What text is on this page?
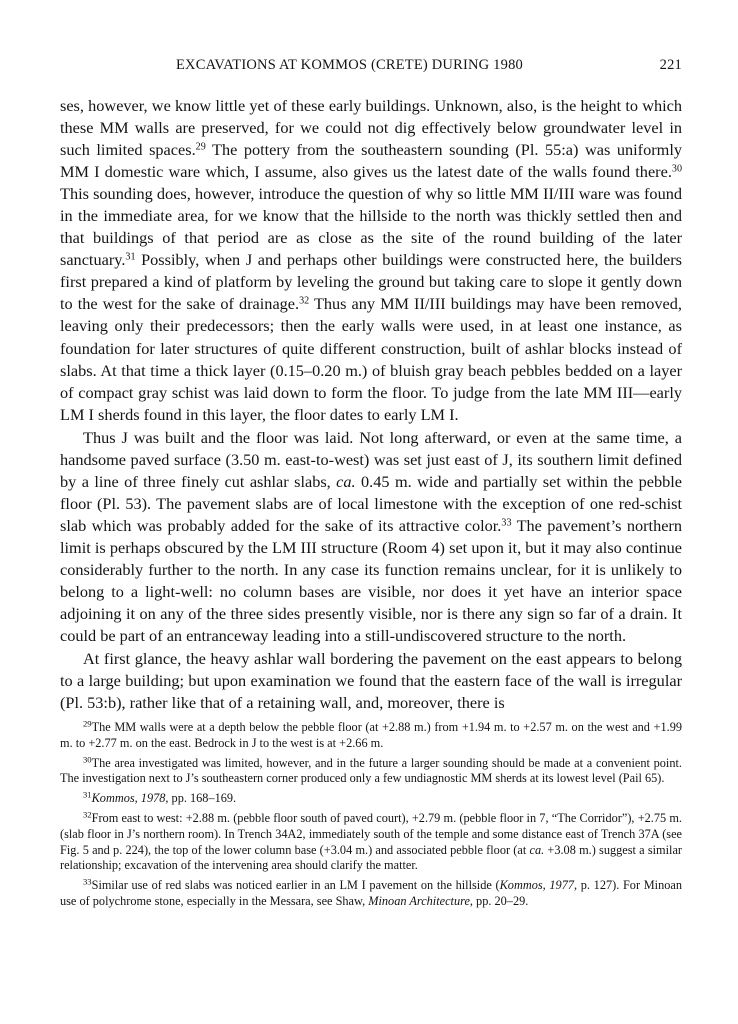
EXCAVATIONS AT KOMMOS (CRETE) DURING 1980	221

ses, however, we know little yet of these early buildings. Unknown, also, is the height to which these MM walls are preserved, for we could not dig effectively below groundwater level in such limited spaces.$^{29}$ The pottery from the southeastern sounding (Pl. 55:a) was uniformly MM I domestic ware which, I assume, also gives us the latest date of the walls found there.$^{30}$ This sounding does, however, introduce the question of why so little MM II/III ware was found in the immediate area, for we know that the hillside to the north was thickly settled then and that buildings of that period are as close as the site of the round building of the later sanctuary.$^{31}$ Possibly, when J and perhaps other buildings were constructed here, the builders first prepared a kind of platform by leveling the ground but taking care to slope it gently down to the west for the sake of drainage.$^{32}$ Thus any MM II/III buildings may have been removed, leaving only their predecessors; then the early walls were used, in at least one instance, as foundation for later structures of quite different construction, built of ashlar blocks instead of slabs. At that time a thick layer (0.15–0.20 m.) of bluish gray beach pebbles bedded on a layer of compact gray schist was laid down to form the floor. To judge from the late MM III—early LM I sherds found in this layer, the floor dates to early LM I.

Thus J was built and the floor was laid. Not long afterward, or even at the same time, a handsome paved surface (3.50 m. east-to-west) was set just east of J, its southern limit defined by a line of three finely cut ashlar slabs, ca. 0.45 m. wide and partially set within the pebble floor (Pl. 53). The pavement slabs are of local limestone with the exception of one red-schist slab which was probably added for the sake of its attractive color.$^{33}$ The pavement’s northern limit is perhaps obscured by the LM III structure (Room 4) set upon it, but it may also continue considerably further to the north. In any case its function remains unclear, for it is unlikely to belong to a light-well: no column bases are visible, nor does it yet have an interior space adjoining it on any of the three sides presently visible, nor is there any sign so far of a drain. It could be part of an entranceway leading into a still-undiscovered structure to the north.

At first glance, the heavy ashlar wall bordering the pavement on the east appears to belong to a large building; but upon examination we found that the eastern face of the wall is irregular (Pl. 53:b), rather like that of a retaining wall, and, moreover, there is

$^{29}$The MM walls were at a depth below the pebble floor (at +2.88 m.) from +1.94 m. to +2.57 m. on the west and +1.99 m. to +2.77 m. on the east. Bedrock in J to the west is at +2.66 m.

$^{30}$The area investigated was limited, however, and in the future a larger sounding should be made at a convenient point. The investigation next to J’s southeastern corner produced only a few undiagnostic MM sherds at its lowest level (Pail 65).

$^{31}$Kommos, 1978, pp. 168–169.

$^{32}$From east to west: +2.88 m. (pebble floor south of paved court), +2.79 m. (pebble floor in 7, “The Corridor”), +2.75 m. (slab floor in J’s northern room). In Trench 34A2, immediately south of the temple and some distance east of Trench 37A (see Fig. 5 and p. 224), the top of the lower column base (+3.04 m.) and associated pebble floor (at ca. +3.08 m.) suggest a similar relationship; excavation of the intervening area should clarify the matter.

$^{33}$Similar use of red slabs was noticed earlier in an LM I pavement on the hillside (Kommos, 1977, p. 127). For Minoan use of polychrome stone, especially in the Messara, see Shaw, Minoan Architecture, pp. 20–29.
